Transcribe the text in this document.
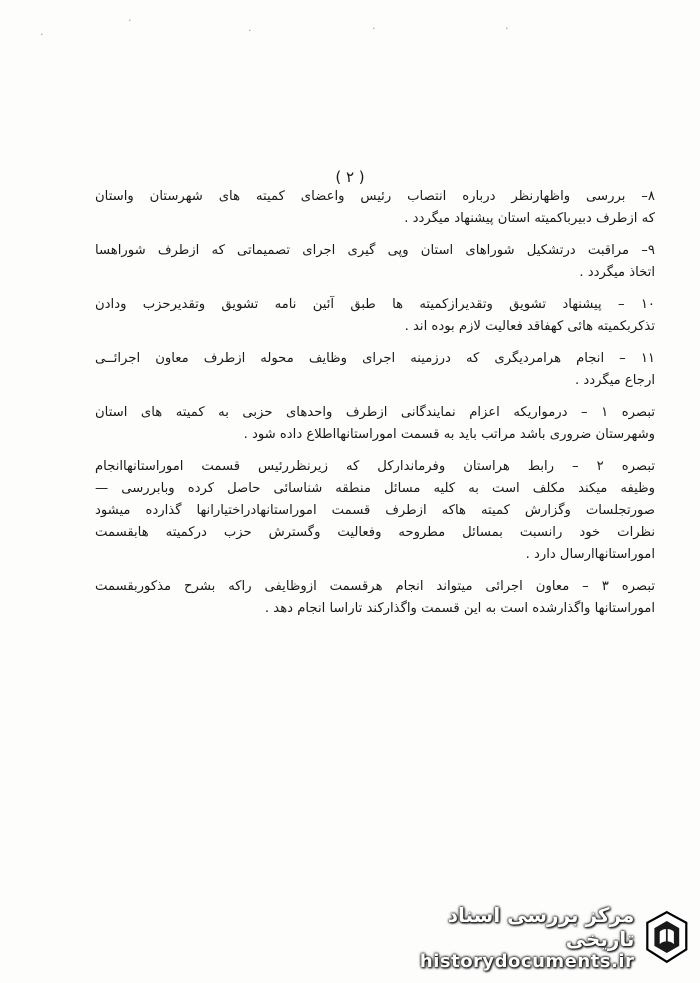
·
·	·	·
·
( ۲ )
۸– بررسی واظهارنظر درباره انتصاب رئیس واعضای کمیته های شهرستان واستان
که ازطرف دبیرباکمیته استان پیشنهاد میگردد .
۹– مراقبت درتشکیل شوراهای استان وپی گیری اجرای تصمیماتی که ازطرف شوراهسا
اتخاذ میگردد .
۱۰ – پیشنهاد تشویق وتقدیرازکمیته ها طبق آئین نامه تشویق وتقدیرحزب ودادن
تذکربکمیته هائی کهفاقد فعالیت لازم بوده اند .
۱۱ – انجام هرامردیگری که درزمینه اجرای وظایف محوله ازطرف معاون اجرائــی
ارجاع میگردد .
تبصره ۱ – درمواریکه اعزام نمایندگانی ازطرف واحدهای حزبی به کمیته های استان
وشهرستان ضروری باشد مراتب باید به قسمت اموراستانهااطلاع داده شود .
تبصره ۲ – رابط هراستان وفرماندارکل که زیرنظررئیس قسمت اموراستانهاانجام
وظیفه میکند مکلف است به کلیه مسائل منطقه شناسائی حاصل کرده وبابررسی —
صورتجلسات وگزارش کمیته هاکه ازطرف قسمت اموراستانهادراختیارانها گذارده میشود
نظرات خود رانسبت بمسائل مطروحه وفعالیت وگسترش حزب درکمیته هابقسمت
اموراستانهاارسال دارد .
تبصره ۳ – معاون اجرائی میتواند انجام هرقسمت ازوظایفی راکه بشرح مذکوربقسمت
اموراستانها واگذارشده است به این قسمت واگذارکند تاراسا انجام دهد .
مرکز بررسی اسناد تاریخی
historydocuments.ir
